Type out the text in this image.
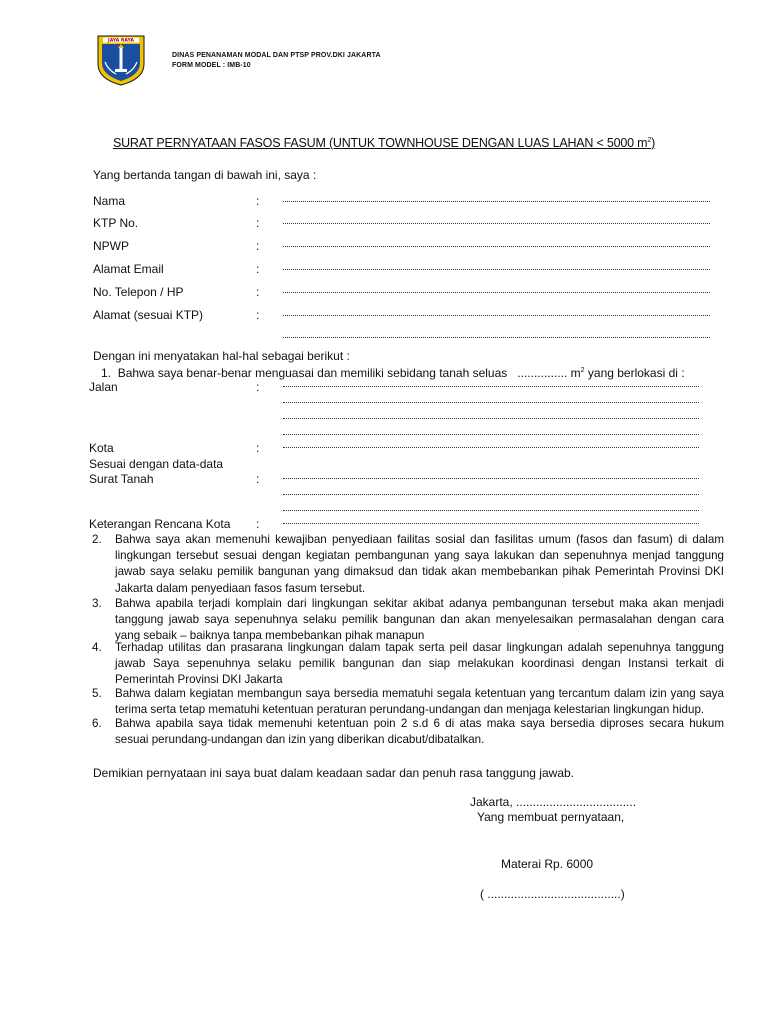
JAYA RAYA
DINAS PENANAMAN MODAL DAN PTSP PROV.DKI JAKARTA
FORM MODEL : IMB-10
SURAT PERNYATAAN FASOS FASUM (UNTUK TOWNHOUSE DENGAN LUAS LAHAN < 5000 $m^2$)
Yang bertanda tangan di bawah ini, saya :
Nama	:
KTP No.	:
NPWP	:
Alamat Email	:
No. Telepon / HP	:
Alamat (sesuai KTP)	:
Dengan ini menyatakan hal-hal sebagai berikut :
1. Bahwa saya benar-benar menguasai dan memiliki sebidang tanah seluas ............... $m^2$ yang berlokasi di :
Jalan	:
Kota	:
Sesuai dengan data-data
Surat Tanah	:
Keterangan Rencana Kota :
2.	Bahwa saya akan memenuhi kewajiban penyediaan failitas sosial dan fasilitas umum (fasos dan fasum) di dalam lingkungan tersebut sesuai dengan kegiatan pembangunan yang saya lakukan dan sepenuhnya menjad tanggung jawab saya selaku pemilik bangunan yang dimaksud dan tidak akan membebankan pihak Pemerintah Provinsi DKI Jakarta dalam penyediaan fasos fasum tersebut.
3.	Bahwa apabila terjadi komplain dari lingkungan sekitar akibat adanya pembangunan tersebut maka akan menjadi tanggung jawab saya sepenuhnya selaku pemilik bangunan dan akan menyelesaikan permasalahan dengan cara yang sebaik – baiknya tanpa membebankan pihak manapun
4.	Terhadap utilitas dan prasarana lingkungan dalam tapak serta peil dasar lingkungan adalah sepenuhnya tanggung jawab Saya sepenuhnya selaku pemilik bangunan dan siap melakukan koordinasi dengan Instansi terkait di Pemerintah Provinsi DKI Jakarta
5.	Bahwa dalam kegiatan membangun saya bersedia mematuhi segala ketentuan yang tercantum dalam izin yang saya terima serta tetap mematuhi ketentuan peraturan perundang-undangan dan menjaga kelestarian lingkungan hidup.
6.	Bahwa apabila saya tidak memenuhi ketentuan poin 2 s.d 6 di atas maka saya bersedia diproses secara hukum sesuai perundang-undangan dan izin yang diberikan dicabut/dibatalkan.
Demikian pernyataan ini saya buat dalam keadaan sadar dan penuh rasa tanggung jawab.
Jakarta, ....................................
Yang membuat pernyataan,
Materai Rp. 6000
( ........................................)
